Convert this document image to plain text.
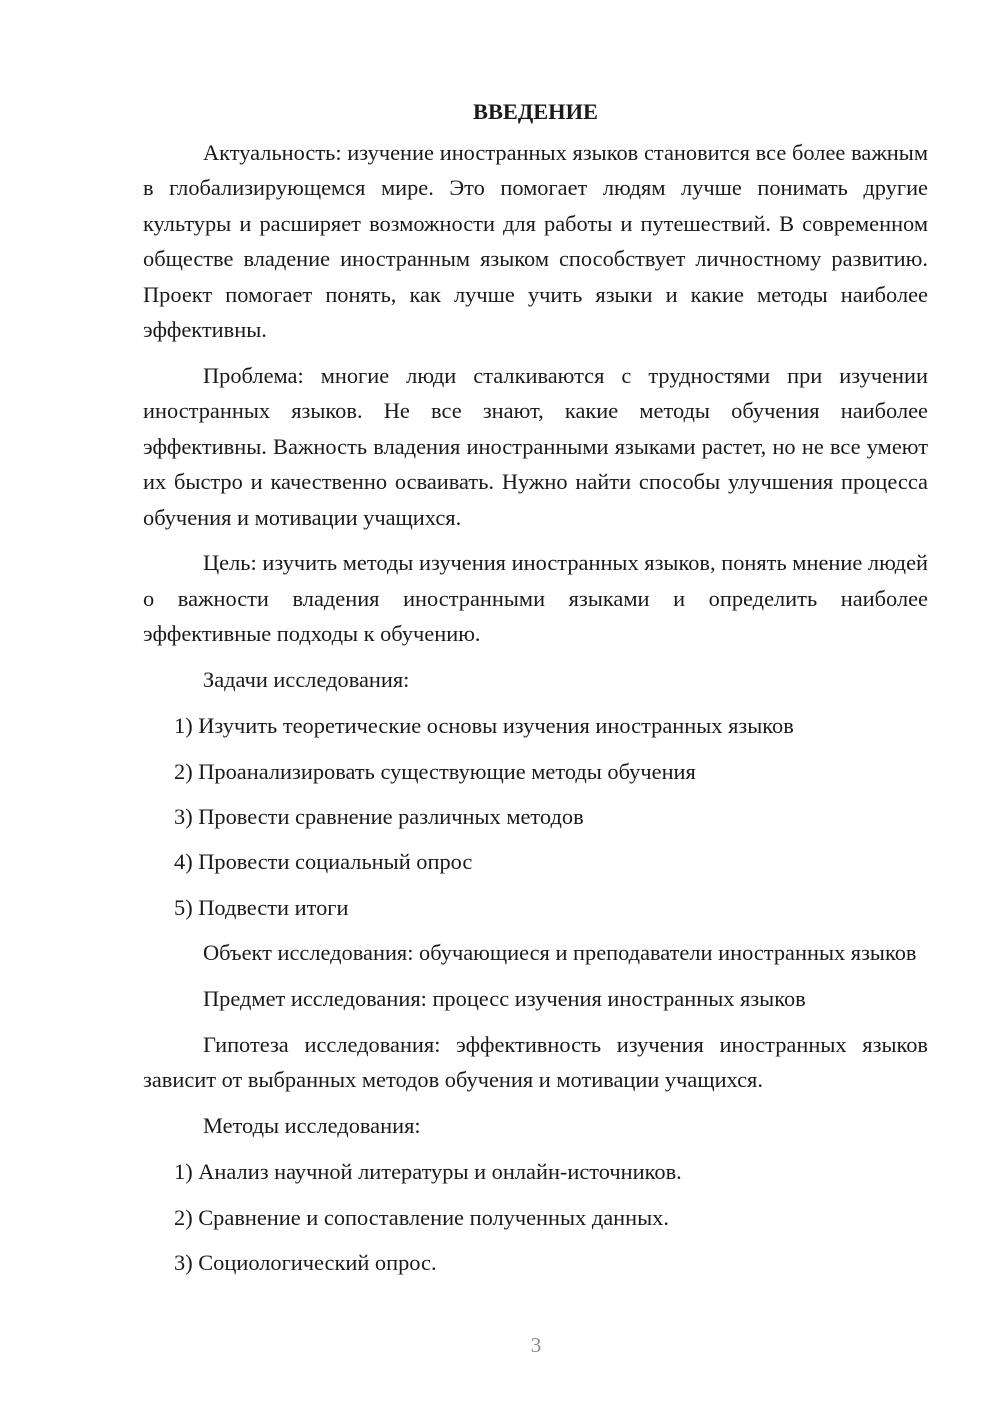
ВВЕДЕНИЕ

Актуальность: изучение иностранных языков становится все более важным в глобализирующемся мире. Это помогает людям лучше понимать другие культуры и расширяет возможности для работы и путешествий. В современном обществе владение иностранным языком способствует личностному развитию. Проект помогает понять, как лучше учить языки и какие методы наиболее эффективны.

Проблема: многие люди сталкиваются с трудностями при изучении иностранных языков. Не все знают, какие методы обучения наиболее эффективны. Важность владения иностранными языками растет, но не все умеют их быстро и качественно осваивать. Нужно найти способы улучшения процесса обучения и мотивации учащихся.

Цель: изучить методы изучения иностранных языков, понять мнение людей о важности владения иностранными языками и определить наиболее эффективные подходы к обучению.

Задачи исследования:

1) Изучить теоретические основы изучения иностранных языков
2) Проанализировать существующие методы обучения
3) Провести сравнение различных методов
4) Провести социальный опрос
5) Подвести итоги

Объект исследования: обучающиеся и преподаватели иностранных языков

Предмет исследования: процесс изучения иностранных языков

Гипотеза исследования: эффективность изучения иностранных языков зависит от выбранных методов обучения и мотивации учащихся.

Методы исследования:

1) Анализ научной литературы и онлайн-источников.
2) Сравнение и сопоставление полученных данных.
3) Социологический опрос.
3
